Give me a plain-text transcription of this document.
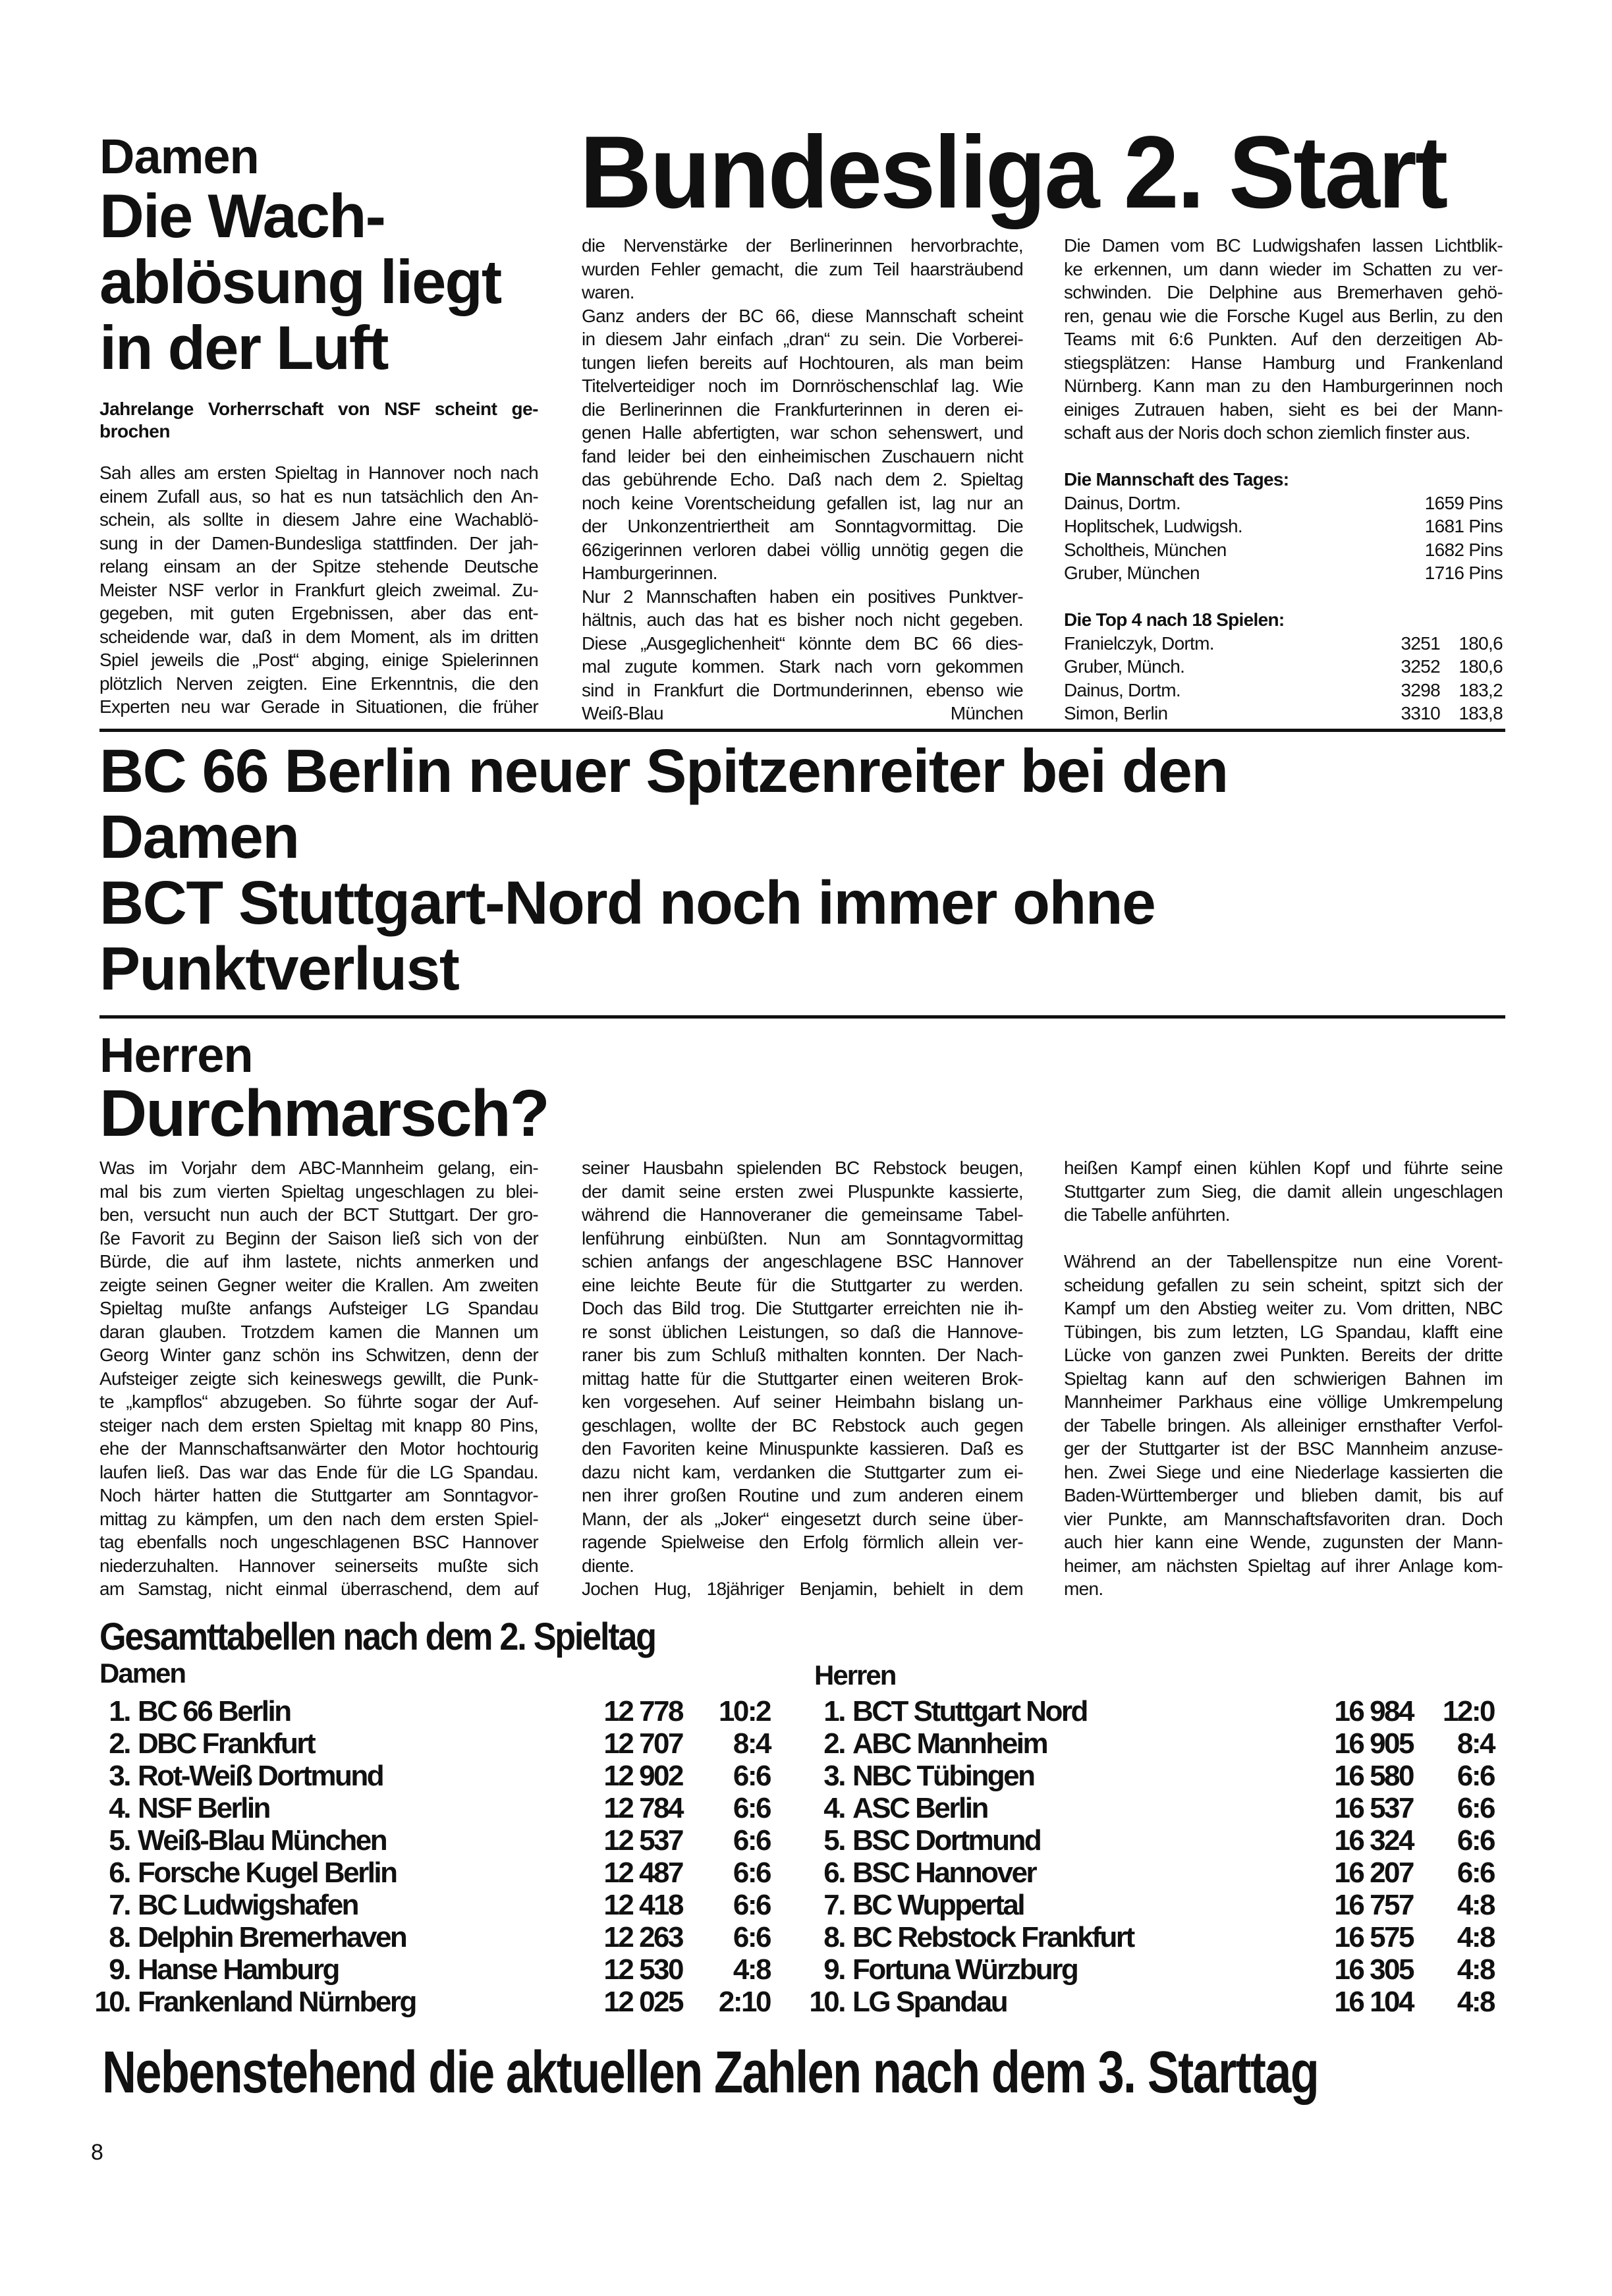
Damen
Die Wach-
ablösung liegt
in der Luft
Jahrelange Vorherrschaft von NSF scheint ge-
brochen
Bundesliga 2. Start
Sah alles am ersten Spieltag in Hannover noch nach
einem Zufall aus, so hat es nun tatsächlich den An-
schein, als sollte in diesem Jahre eine Wachablö-
sung in der Damen-Bundesliga stattfinden. Der jah-
relang einsam an der Spitze stehende Deutsche
Meister NSF verlor in Frankfurt gleich zweimal. Zu-
gegeben, mit guten Ergebnissen, aber das ent-
scheidende war, daß in dem Moment, als im dritten
Spiel jeweils die „Post“ abging, einige Spielerinnen
plötzlich Nerven zeigten. Eine Erkenntnis, die den
Experten neu war Gerade in Situationen, die früher
die Nervenstärke der Berlinerinnen hervorbrachte,
wurden Fehler gemacht, die zum Teil haarsträubend
waren.
Ganz anders der BC 66, diese Mannschaft scheint
in diesem Jahr einfach „dran“ zu sein. Die Vorberei-
tungen liefen bereits auf Hochtouren, als man beim
Titelverteidiger noch im Dornröschenschlaf lag. Wie
die Berlinerinnen die Frankfurterinnen in deren ei-
genen Halle abfertigten, war schon sehenswert, und
fand leider bei den einheimischen Zuschauern nicht
das gebührende Echo. Daß nach dem 2. Spieltag
noch keine Vorentscheidung gefallen ist, lag nur an
der Unkonzentriertheit am Sonntagvormittag. Die
66zigerinnen verloren dabei völlig unnötig gegen die
Hamburgerinnen.
Nur 2 Mannschaften haben ein positives Punktver-
hältnis, auch das hat es bisher noch nicht gegeben.
Diese „Ausgeglichenheit“ könnte dem BC 66 dies-
mal zugute kommen. Stark nach vorn gekommen
sind in Frankfurt die Dortmunderinnen, ebenso wie
Weiß-Blau München
Die Damen vom BC Ludwigshafen lassen Lichtblik-
ke erkennen, um dann wieder im Schatten zu ver-
schwinden. Die Delphine aus Bremerhaven gehö-
ren, genau wie die Forsche Kugel aus Berlin, zu den
Teams mit 6:6 Punkten. Auf den derzeitigen Ab-
stiegsplätzen: Hanse Hamburg und Frankenland
Nürnberg. Kann man zu den Hamburgerinnen noch
einiges Zutrauen haben, sieht es bei der Mann-
schaft aus der Noris doch schon ziemlich finster aus.
Die Mannschaft des Tages:
Dainus, Dortm.	1659 Pins
Hoplitschek, Ludwigsh.	1681 Pins
Scholtheis, München	1682 Pins
Gruber, München	1716 Pins
Die Top 4 nach 18 Spielen:
Franielczyk, Dortm.	3251 180,6
Gruber, Münch.	3252 180,6
Dainus, Dortm.	3298 183,2
Simon, Berlin	3310 183,8
BC 66 Berlin neuer Spitzenreiter bei den
Damen
BCT Stuttgart-Nord noch immer ohne
Punktverlust
Herren
Durchmarsch?
Was im Vorjahr dem ABC-Mannheim gelang, ein-
mal bis zum vierten Spieltag ungeschlagen zu blei-
ben, versucht nun auch der BCT Stuttgart. Der gro-
ße Favorit zu Beginn der Saison ließ sich von der
Bürde, die auf ihm lastete, nichts anmerken und
zeigte seinen Gegner weiter die Krallen. Am zweiten
Spieltag mußte anfangs Aufsteiger LG Spandau
daran glauben. Trotzdem kamen die Mannen um
Georg Winter ganz schön ins Schwitzen, denn der
Aufsteiger zeigte sich keineswegs gewillt, die Punk-
te „kampflos“ abzugeben. So führte sogar der Auf-
steiger nach dem ersten Spieltag mit knapp 80 Pins,
ehe der Mannschaftsanwärter den Motor hochtourig
laufen ließ. Das war das Ende für die LG Spandau.
Noch härter hatten die Stuttgarter am Sonntagvor-
mittag zu kämpfen, um den nach dem ersten Spiel-
tag ebenfalls noch ungeschlagenen BSC Hannover
niederzuhalten. Hannover seinerseits mußte sich
am Samstag, nicht einmal überraschend, dem auf
seiner Hausbahn spielenden BC Rebstock beugen,
der damit seine ersten zwei Pluspunkte kassierte,
während die Hannoveraner die gemeinsame Tabel-
lenführung einbüßten. Nun am Sonntagvormittag
schien anfangs der angeschlagene BSC Hannover
eine leichte Beute für die Stuttgarter zu werden.
Doch das Bild trog. Die Stuttgarter erreichten nie ih-
re sonst üblichen Leistungen, so daß die Hannove-
raner bis zum Schluß mithalten konnten. Der Nach-
mittag hatte für die Stuttgarter einen weiteren Brok-
ken vorgesehen. Auf seiner Heimbahn bislang un-
geschlagen, wollte der BC Rebstock auch gegen
den Favoriten keine Minuspunkte kassieren. Daß es
dazu nicht kam, verdanken die Stuttgarter zum ei-
nen ihrer großen Routine und zum anderen einem
Mann, der als „Joker“ eingesetzt durch seine über-
ragende Spielweise den Erfolg förmlich allein ver-
diente.
Jochen Hug, 18jähriger Benjamin, behielt in dem
heißen Kampf einen kühlen Kopf und führte seine
Stuttgarter zum Sieg, die damit allein ungeschlagen
die Tabelle anführten.
Während an der Tabellenspitze nun eine Vorent-
scheidung gefallen zu sein scheint, spitzt sich der
Kampf um den Abstieg weiter zu. Vom dritten, NBC
Tübingen, bis zum letzten, LG Spandau, klafft eine
Lücke von ganzen zwei Punkten. Bereits der dritte
Spieltag kann auf den schwierigen Bahnen im
Mannheimer Parkhaus eine völlige Umkrempelung
der Tabelle bringen. Als alleiniger ernsthafter Verfol-
ger der Stuttgarter ist der BSC Mannheim anzuse-
hen. Zwei Siege und eine Niederlage kassierten die
Baden-Württemberger und blieben damit, bis auf
vier Punkte, am Mannschaftsfavoriten dran. Doch
auch hier kann eine Wende, zugunsten der Mann-
heimer, am nächsten Spieltag auf ihrer Anlage kom-
men.
Gesamttabellen nach dem 2. Spieltag
Damen	Herren
1. BC 66 Berlin	12 778 10:2
2. DBC Frankfurt	12 707 8:4
3. Rot-Weiß Dortmund	12 902 6:6
4. NSF Berlin	12 784 6:6
5. Weiß-Blau München	12 537 6:6
6. Forsche Kugel Berlin	12 487 6:6
7. BC Ludwigshafen	12 418 6:6
8. Delphin Bremerhaven	12 263 6:6
9. Hanse Hamburg	12 530 4:8
10. Frankenland Nürnberg	12 025 2:10
1. BCT Stuttgart Nord	16 984 12:0
2. ABC Mannheim	16 905 8:4
3. NBC Tübingen	16 580 6:6
4. ASC Berlin	16 537 6:6
5. BSC Dortmund	16 324 6:6
6. BSC Hannover	16 207 6:6
7. BC Wuppertal	16 757 4:8
8. BC Rebstock Frankfurt	16 575 4:8
9. Fortuna Würzburg	16 305 4:8
10. LG Spandau	16 104 4:8
Nebenstehend die aktuellen Zahlen nach dem 3. Starttag
8
